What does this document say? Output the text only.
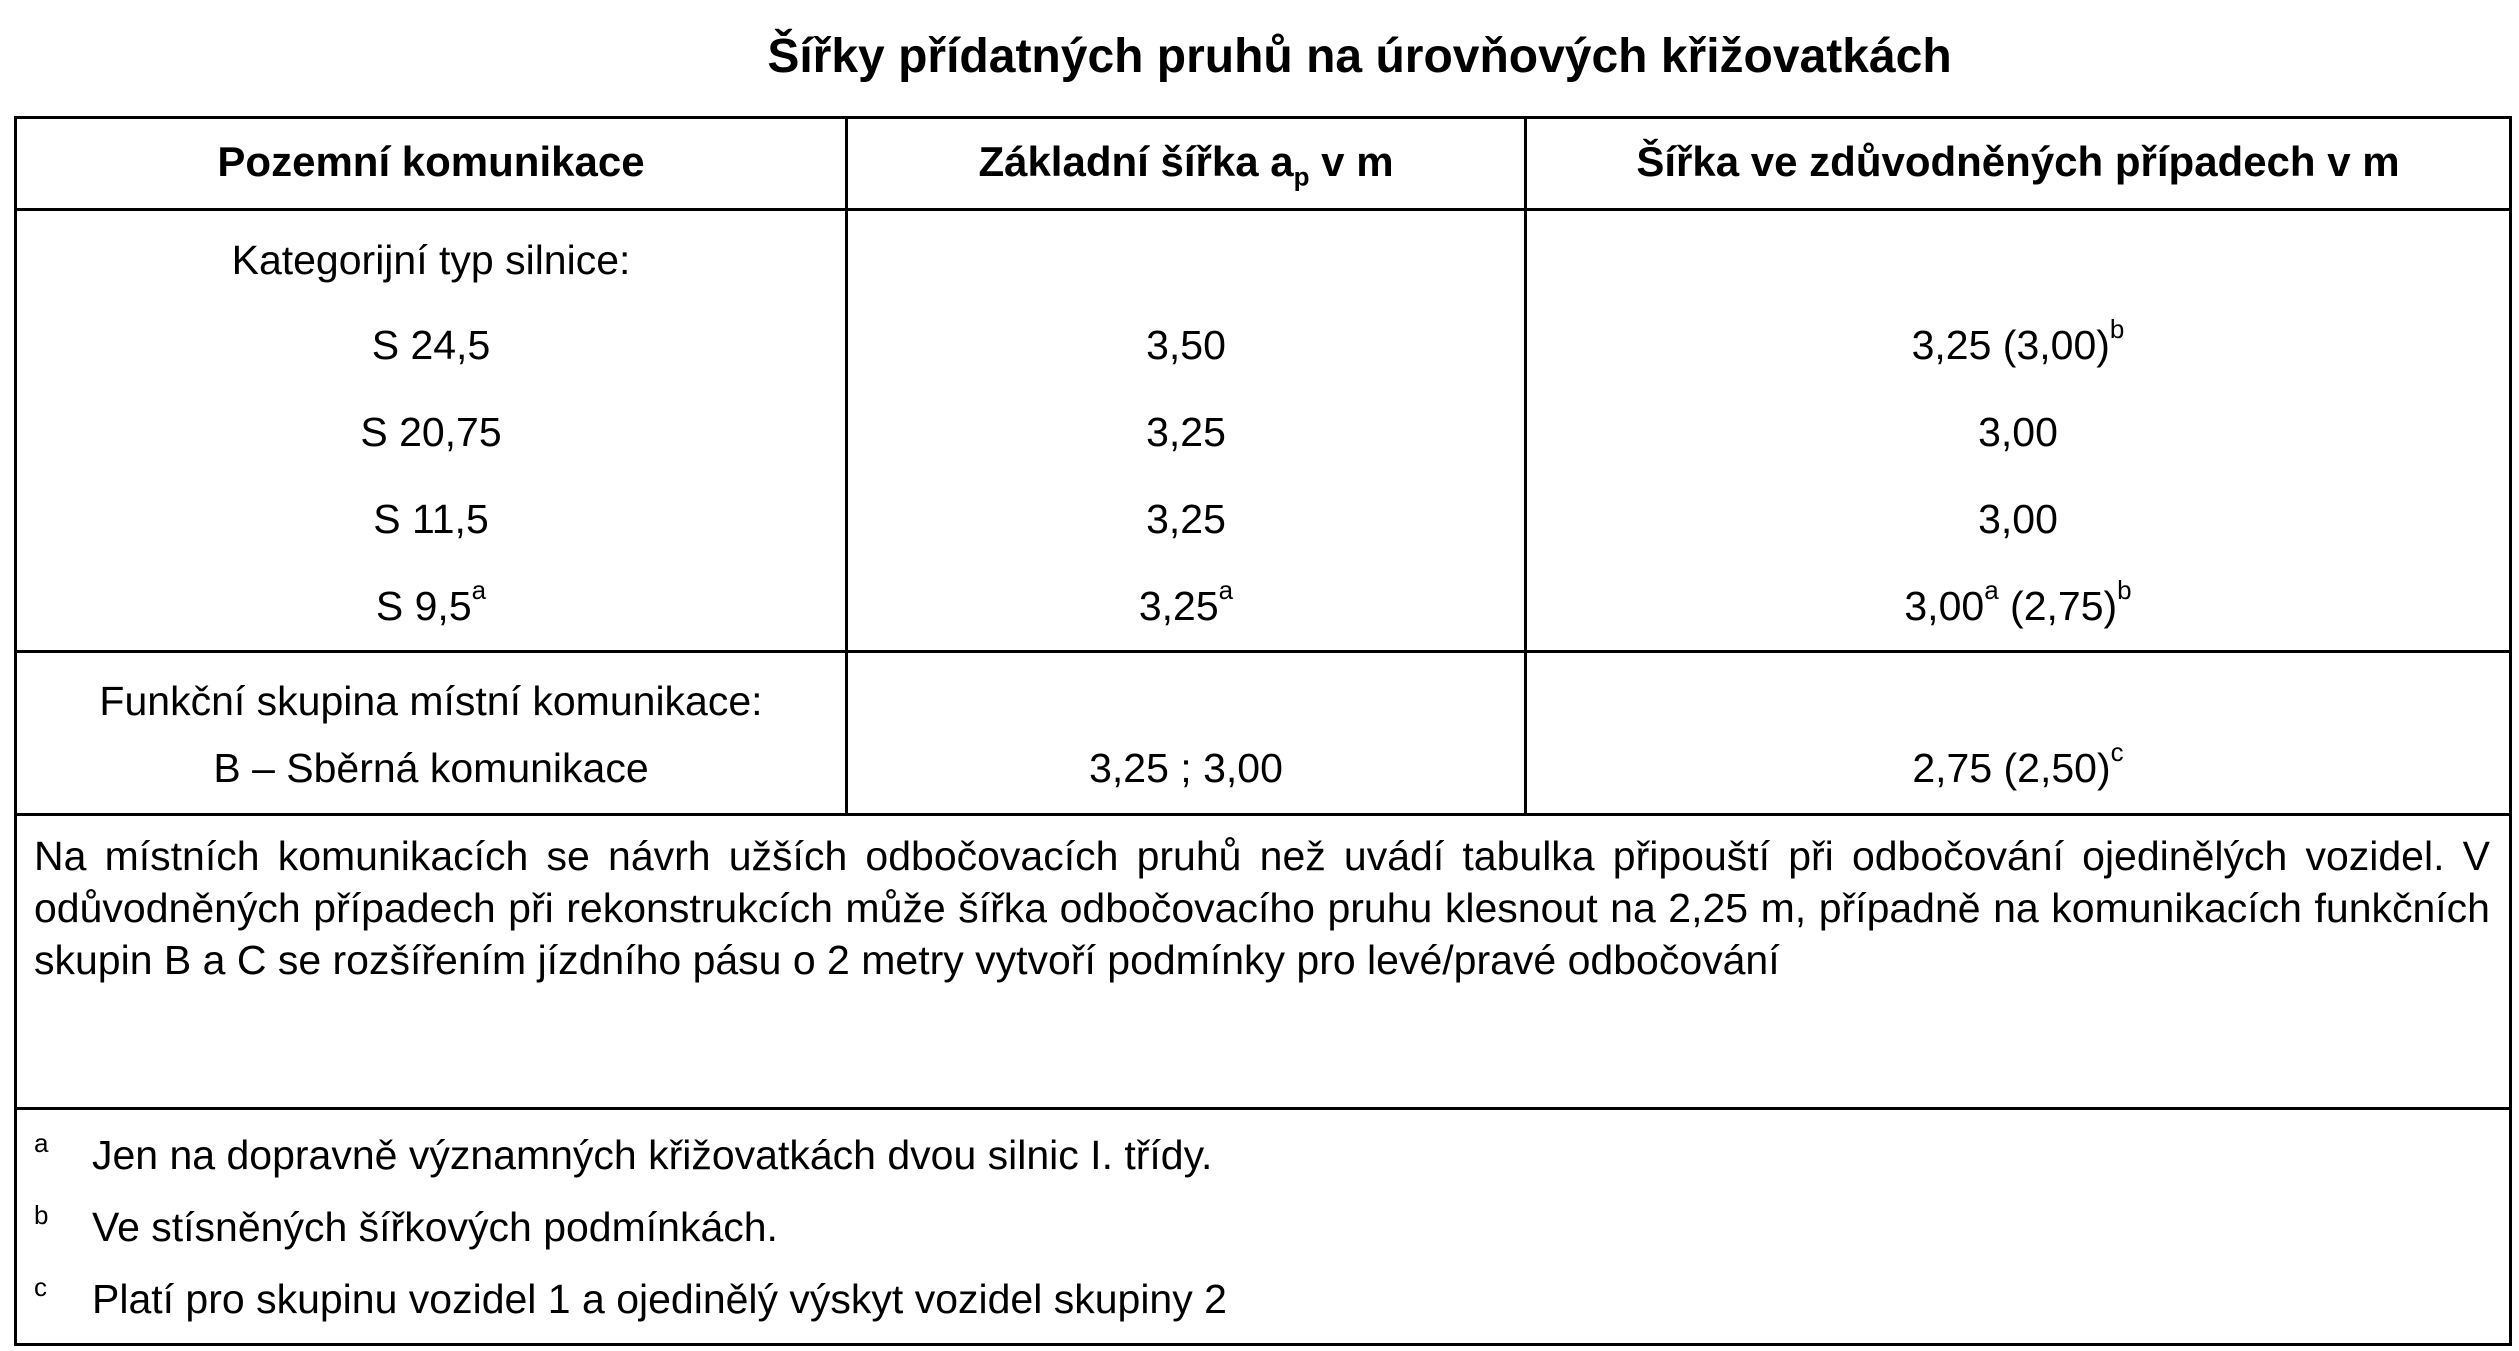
Šířky přídatných pruhů na úrovňových křižovatkách
Pozemní komunikace	Základní šířka $a_p$ v m	Šířka ve zdůvodněných případech v m
Kategorijní typ silnice:
S 24,5	3,50	3,25 $(3,00)^b$
S 20,75	3,25	3,00
S 11,5	3,25	3,00
S 9,5$^a$	3,25$^a$	3,00$^a$ $(2,75)^b$
Funkční skupina místní komunikace:
B – Sběrná komunikace	3,25 ; 3,00	2,75 $(2,50)^c$
Na místních komunikacích se návrh užších odbočovacích pruhů než uvádí tabulka připouští při odbočování ojedinělých vozidel. V odůvodněných případech při rekonstrukcích může šířka odbočovacího pruhu klesnout na 2,25 m, případně na komunikacích funkčních skupin B a C se rozšířením jízdního pásu o 2 metry vytvoří podmínky pro levé/pravé odbočování
a Jen na dopravně významných křižovatkách dvou silnic I. třídy.
b Ve stísněných šířkových podmínkách.
c Platí pro skupinu vozidel 1 a ojedinělý výskyt vozidel skupiny 2
